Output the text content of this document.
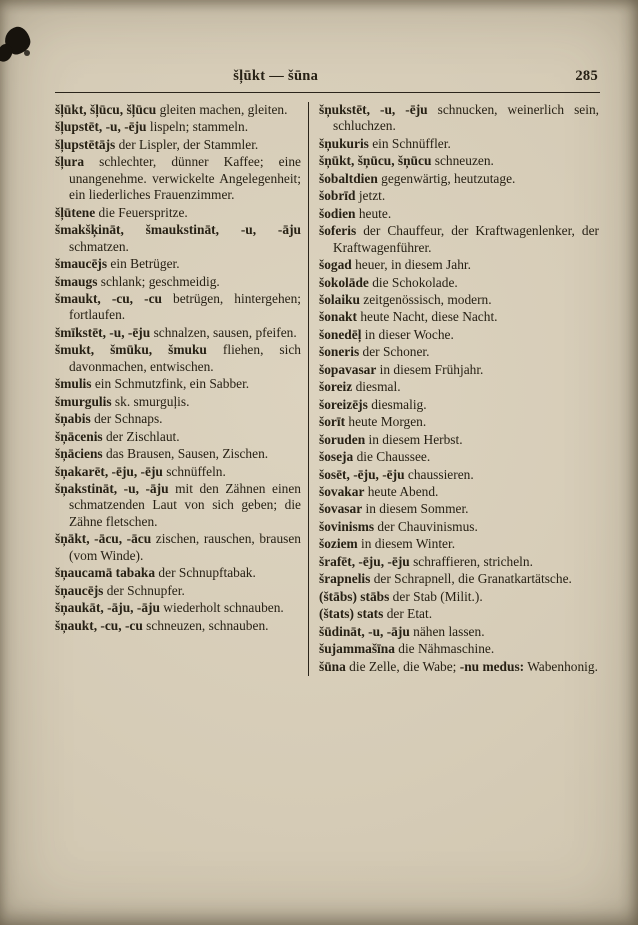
šļūkt — šūna	285
šļūkt, šļūcu, šļūcu gleiten machen, gleiten.
šļupstēt, -u, -ēju lispeln; stammeln.
šļupstētājs der Lispler, der Stammler.
šļura schlechter, dünner Kaffee; eine unangenehme. verwickelte Angelegenheit; ein liederliches Frauenzimmer.
šļūtene die Feuerspritze.
šmakšķināt, šmaukstināt, -u, -āju schmatzen.
šmaucējs ein Betrüger.
šmaugs schlank; geschmeidig.
šmaukt, -cu, -cu betrügen, hintergehen; fortlaufen.
šmīkstēt, -u, -ēju schnalzen, sausen, pfeifen.
šmukt, šmūku, šmuku fliehen, sich davonmachen, entwischen.
šmulis ein Schmutzfink, ein Sabber.
šmurgulis sk. smurguļis.
šņabis der Schnaps.
šņācenis der Zischlaut.
šņāciens das Brausen, Sausen, Zischen.
šņakarēt, -ēju, -ēju schnüffeln.
šņakstināt, -u, -āju mit den Zähnen einen schmatzenden Laut von sich geben; die Zähne fletschen.
šņākt, -ācu, -ācu zischen, rauschen, brausen (vom Winde).
šņaucamā tabaka der Schnupftabak.
šņaucējs der Schnupfer.
šņaukāt, -āju, -āju wiederholt schnauben.
šņaukt, -cu, -cu schneuzen, schnauben.
šņukstēt, -u, -ēju schnucken, weinerlich sein, schluchzen.
šņukuris ein Schnüffler.
šņūkt, šņūcu, šņūcu schneuzen.
šobaltdien gegenwärtig, heutzutage.
šobrīd jetzt.
šodien heute.
šoferis der Chauffeur, der Kraftwagenlenker, der Kraftwagenführer.
šogad heuer, in diesem Jahr.
šokolāde die Schokolade.
šolaiku zeitgenössisch, modern.
šonakt heute Nacht, diese Nacht.
šonedēļ in dieser Woche.
šoneris der Schoner.
šopavasar in diesem Frühjahr.
šoreiz diesmal.
šoreizējs diesmalig.
šorīt heute Morgen.
šoruden in diesem Herbst.
šoseja die Chaussee.
šosēt, -ēju, -ēju chaussieren.
šovakar heute Abend.
šovasar in diesem Sommer.
šovinisms der Chauvinismus.
šoziem in diesem Winter.
šrafēt, -ēju, -ēju schraffieren, stricheln.
šrapnelis der Schrapnell, die Granatkartätsche.
(štābs) stābs der Stab (Milit.).
(štats) stats der Etat.
šūdināt, -u, -āju nähen lassen.
šujammašīna die Nähmaschine.
šūna die Zelle, die Wabe; -nu medus: Wabenhonig.
